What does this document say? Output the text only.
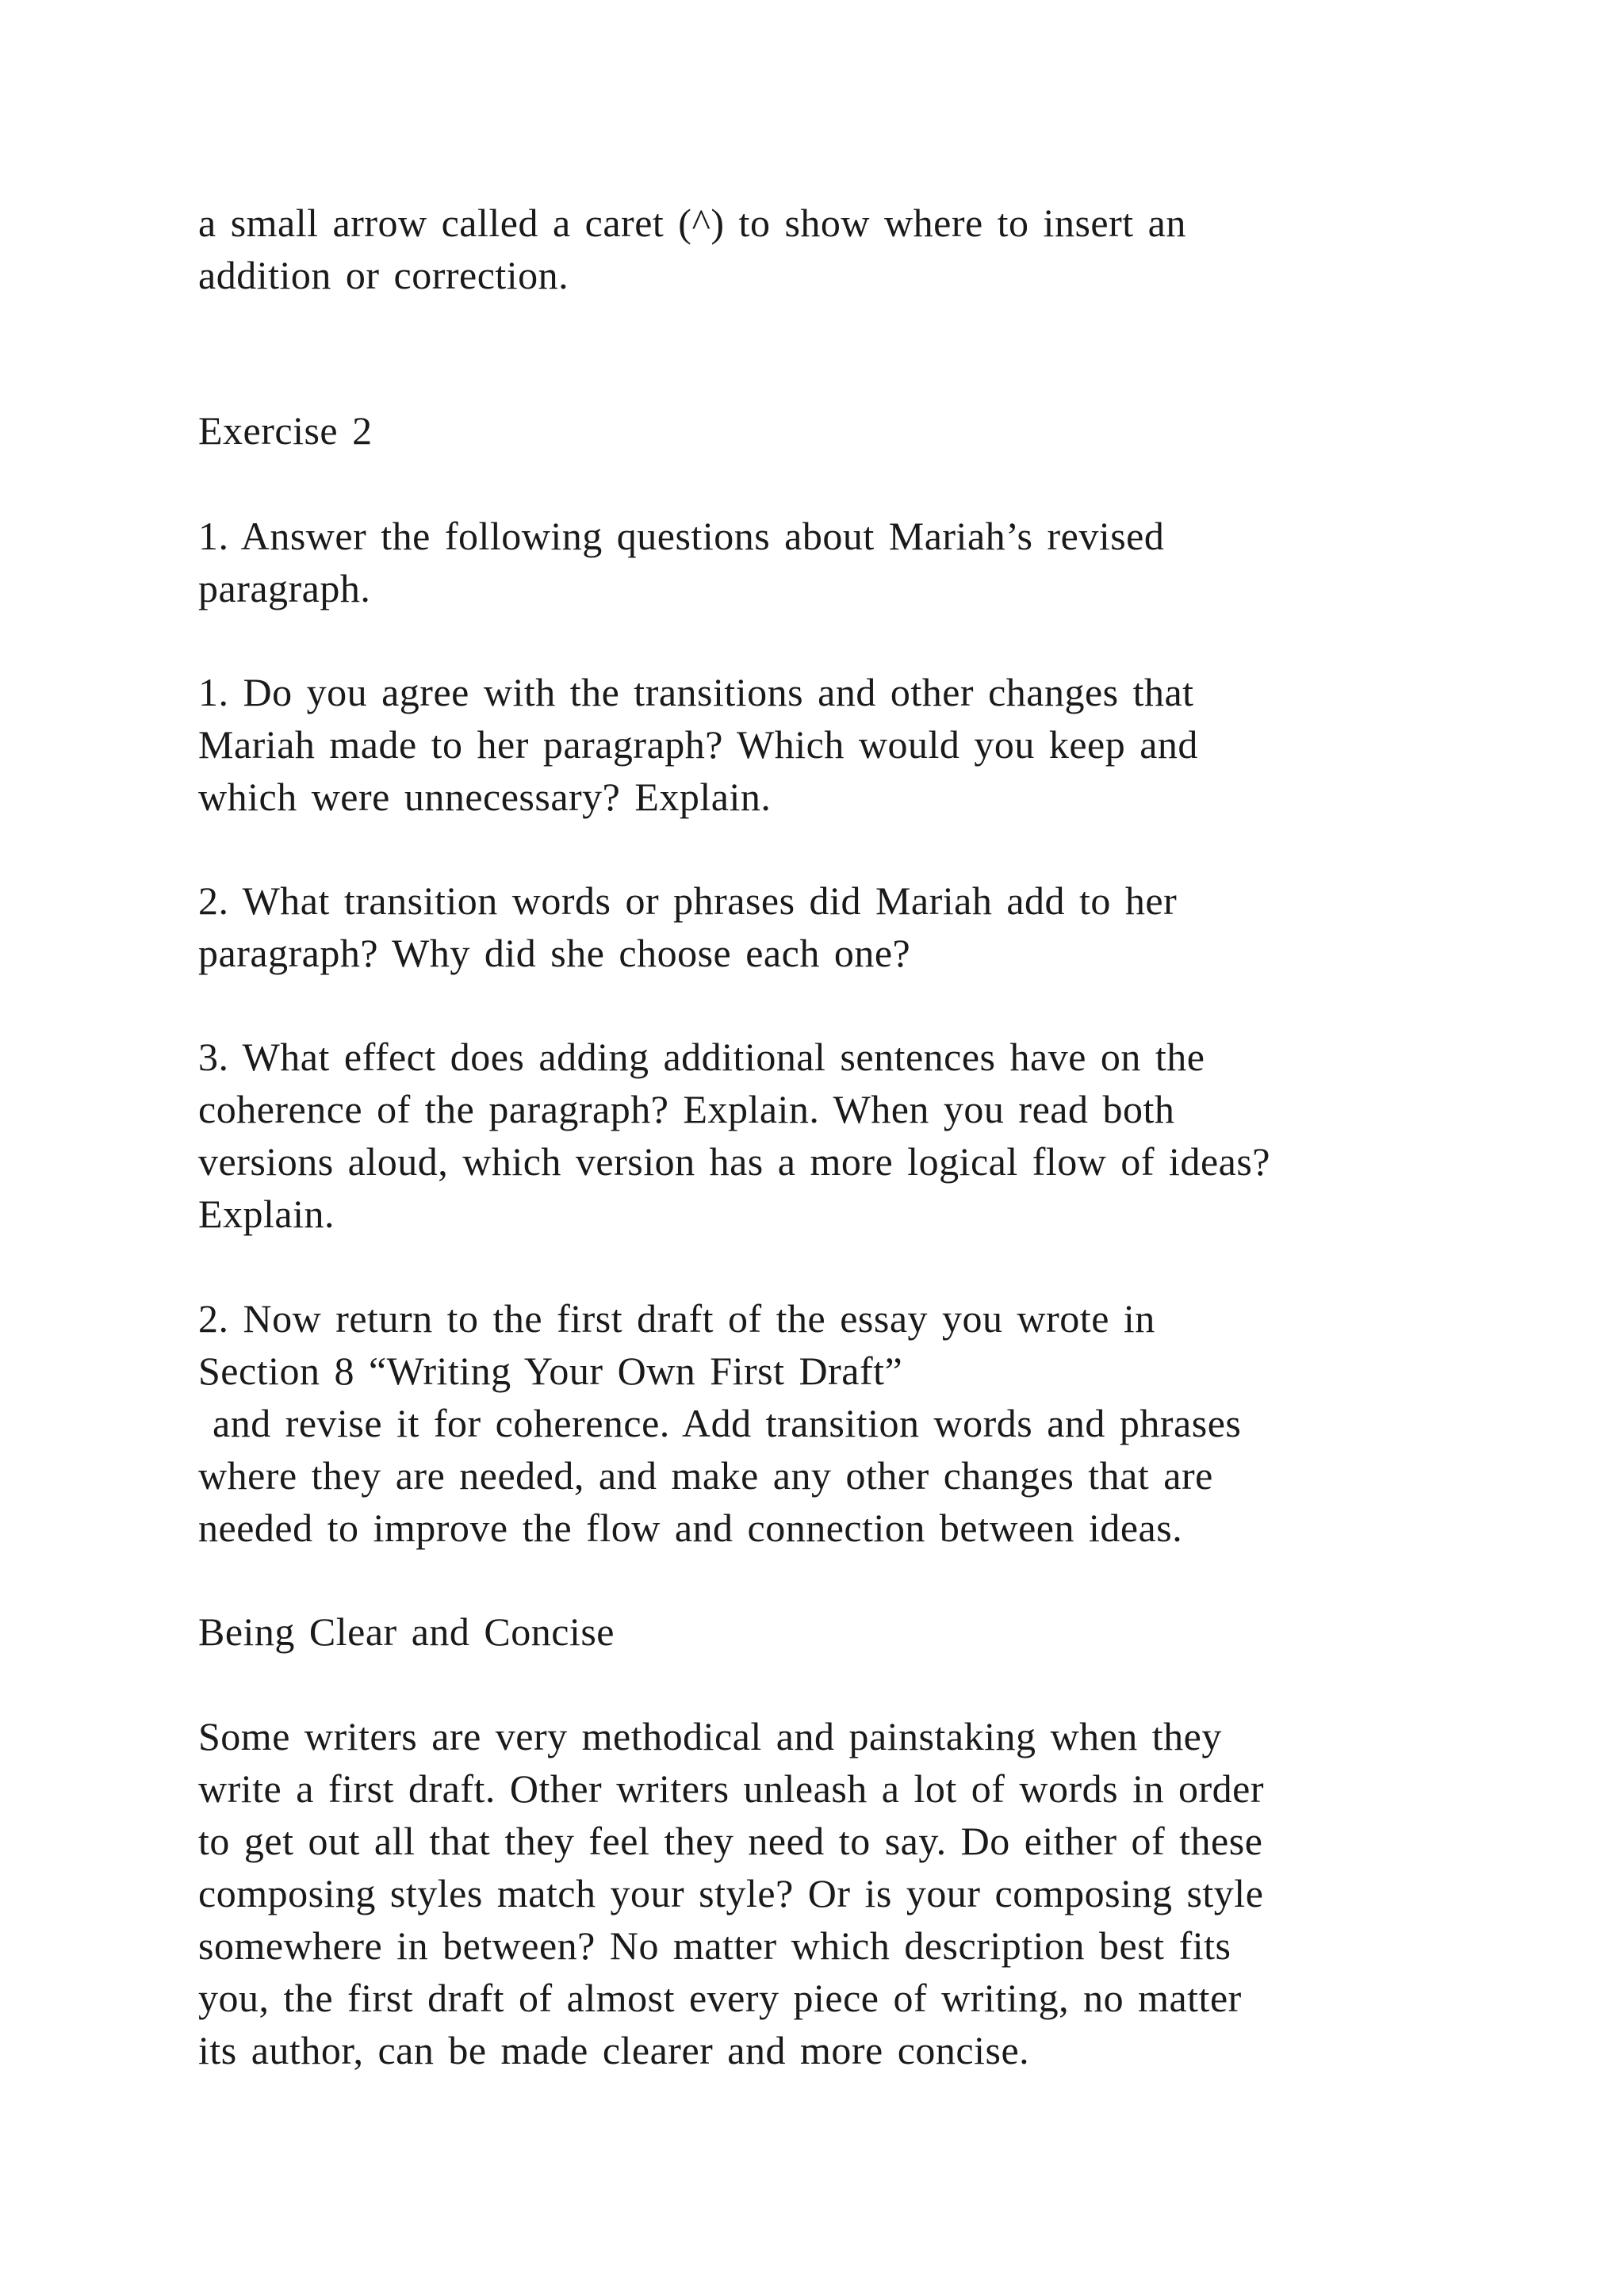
a small arrow called a caret (^) to show where to insert an
addition or correction.
Exercise 2
1. Answer the following questions about Mariah’s revised
paragraph.
1. Do you agree with the transitions and other changes that
Mariah made to her paragraph? Which would you keep and
which were unnecessary? Explain.
2. What transition words or phrases did Mariah add to her
paragraph? Why did she choose each one?
3. What effect does adding additional sentences have on the
coherence of the paragraph? Explain. When you read both
versions aloud, which version has a more logical flow of ideas?
Explain.
2. Now return to the first draft of the essay you wrote in
Section 8 “Writing Your Own First Draft”
and revise it for coherence. Add transition words and phrases
where they are needed, and make any other changes that are
needed to improve the flow and connection between ideas.
Being Clear and Concise
Some writers are very methodical and painstaking when they
write a first draft. Other writers unleash a lot of words in order
to get out all that they feel they need to say. Do either of these
composing styles match your style? Or is your composing style
somewhere in between? No matter which description best fits
you, the first draft of almost every piece of writing, no matter
its author, can be made clearer and more concise.
